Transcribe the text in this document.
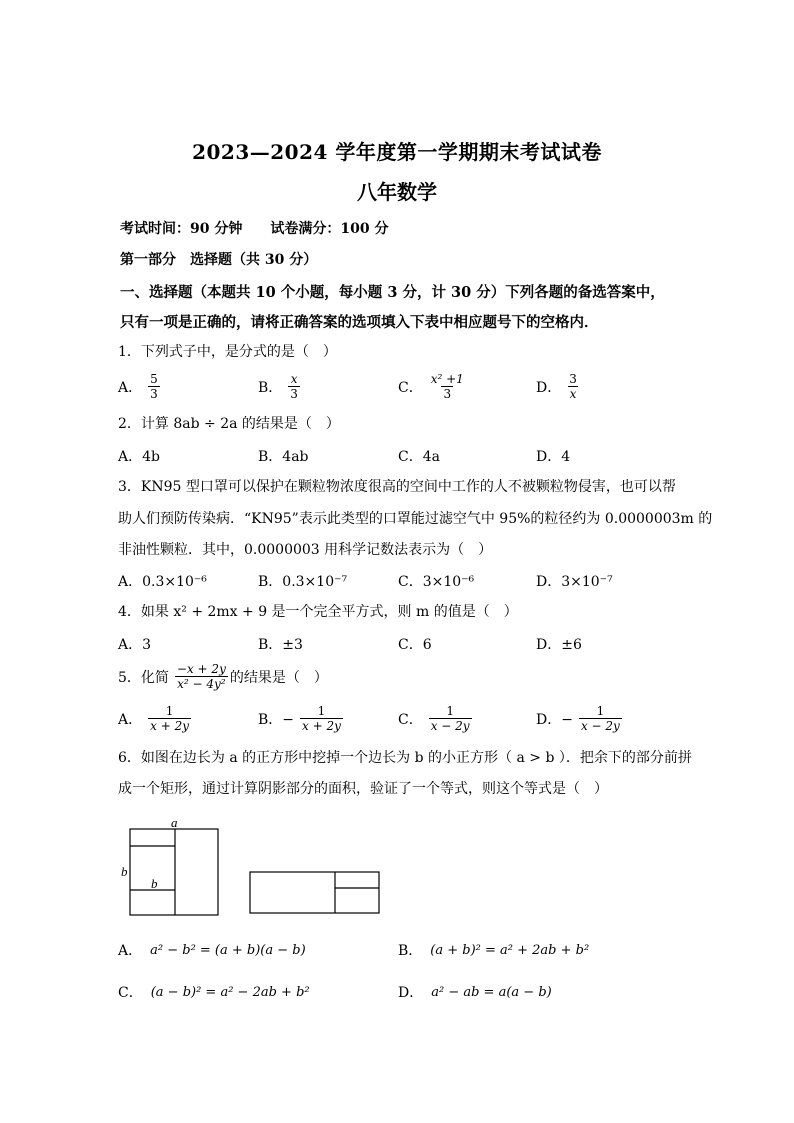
2023—2024 学年度第一学期期末考试试卷
八年数学
考试时间：90 分钟　　试卷满分：100 分
第一部分　选择题（共 30 分）
一、选择题（本题共 10 个小题，每小题 3 分，计 30 分）下列各题的备选答案中，
只有一项是正确的，请将正确答案的选项填入下表中相应题号下的空格内．
1．下列式子中，是分式的是（　）
A． $\frac{5}{3}$	B． $\frac{x}{3}$	C． $\frac{\text{x² +1}}{3}$	D． $\frac{3}{x}$
2．计算 8ab ÷ 2a 的结果是（　）
A．4b	B．4ab	C．4a	D．4
3．KN95 型口罩可以保护在颗粒物浓度很高的空间中工作的人不被颗粒物侵害，也可以帮
助人们预防传染病．“KN95”表示此类型的口罩能过滤空气中 95%的粒径约为 0.0000003m 的
非油性颗粒．其中，0.0000003 用科学记数法表示为（　）
A．0.3×10⁻⁶	B．0.3×10⁻⁷	C．3×10⁻⁶	D．3×10⁻⁷
4．如果 x² + 2mx + 9 是一个完全平方式，则 m 的值是（　）
A．3	B．±3	C．6	D．±6
5．化简 $\frac{-x + 2y}{\text{x² − 4y²}}$ 的结果是（　）
A． $\frac{1}{x + 2y}$	B．− $\frac{1}{x + 2y}$	C． $\frac{1}{x - 2y}$	D．− $\frac{1}{x - 2y}$
6．如图在边长为 a 的正方形中挖掉一个边长为 b 的小正方形（ a > b ）．把余下的部分前拼
成一个矩形，通过计算阴影部分的面积，验证了一个等式，则这个等式是（　）
a
b
b
A． a² − b² = (a + b)(a − b)	B． (a + b)² = a² + 2ab + b²
C． (a − b)² = a² − 2ab + b²	D． a² − ab = a(a − b)
